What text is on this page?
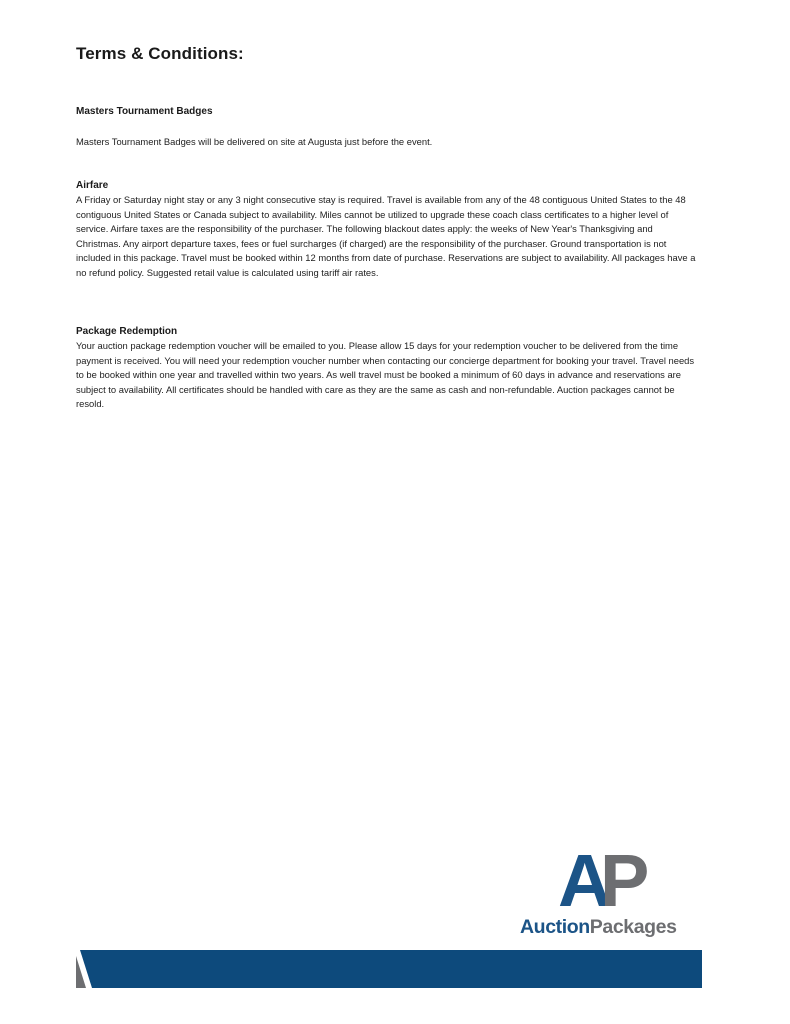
Terms & Conditions:
Masters Tournament Badges
Masters Tournament Badges will be delivered on site at Augusta just before the event.
Airfare
A Friday or Saturday night stay or any 3 night consecutive stay is required. Travel is available from any of the 48 contiguous United States to the 48 contiguous United States or Canada subject to availability. Miles cannot be utilized to upgrade these coach class certificates to a higher level of service. Airfare taxes are the responsibility of the purchaser. The following blackout dates apply: the weeks of New Year's Thanksgiving and Christmas. Any airport departure taxes, fees or fuel surcharges (if charged) are the responsibility of the purchaser. Ground transportation is not included in this package. Travel must be booked within 12 months from date of purchase. Reservations are subject to availability. All packages have a no refund policy. Suggested retail value is calculated using tariff air rates.
Package Redemption
Your auction package redemption voucher will be emailed to you. Please allow 15 days for your redemption voucher to be delivered from the time payment is received. You will need your redemption voucher number when contacting our concierge department for booking your travel. Travel needs to be booked within one year and travelled within two years. As well travel must be booked a minimum of 60 days in advance and reservations are subject to availability. All certificates should be handled with care as they are the same as cash and non-refundable. Auction packages cannot be resold.
A
P
AuctionPackages
